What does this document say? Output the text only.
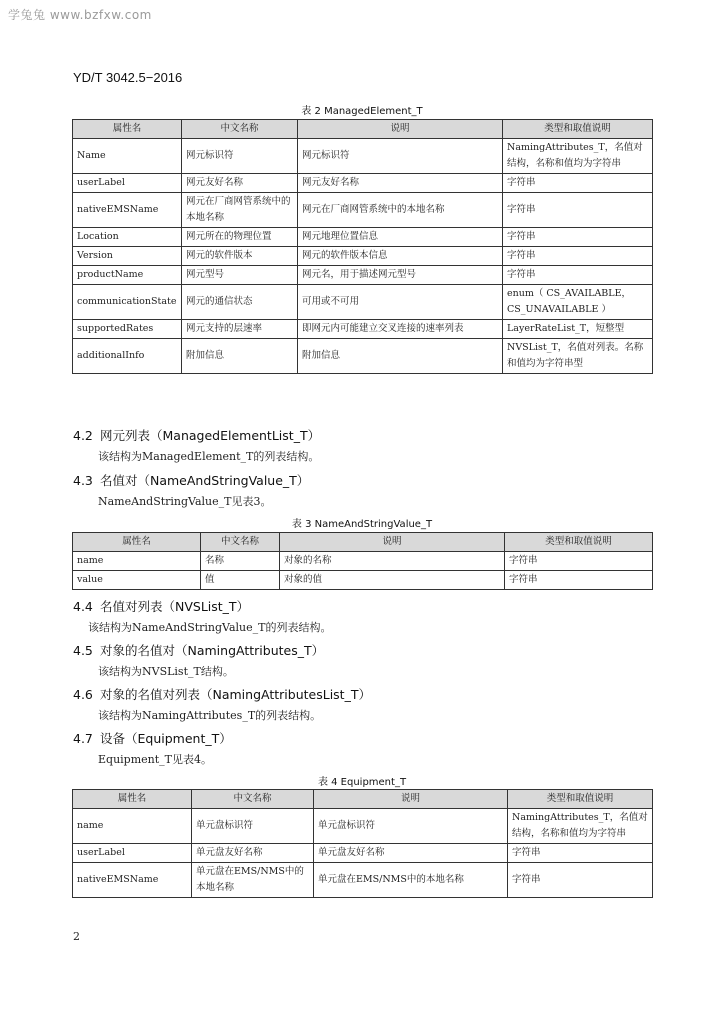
学兔兔 www.bzfxw.com
YD/T 3042.5−2016
表 2 ManagedElement_T
属性名	中文名称	说明	类型和取值说明
Name	网元标识符	网元标识符	NamingAttributes_T，名值对结构，名称和值均为字符串
userLabel	网元友好名称	网元友好名称	字符串
nativeEMSName	网元在厂商网管系统中的本地名称	网元在厂商网管系统中的本地名称	字符串
Location	网元所在的物理位置	网元地理位置信息	字符串
Version	网元的软件版本	网元的软件版本信息	字符串
productName	网元型号	网元名，用于描述网元型号	字符串
communicationState	网元的通信状态	可用或不可用	enum（ CS_AVAILABLE， CS_UNAVAILABLE ）
supportedRates	网元支持的层速率	即网元内可能建立交叉连接的速率列表	LayerRateList_T，短整型
additionalInfo	附加信息	附加信息	NVSList_T，名值对列表。名称和值均为字符串型
4.2 网元列表（ManagedElementList_T）
该结构为ManagedElement_T的列表结构。
4.3 名值对（NameAndStringValue_T）
NameAndStringValue_T见表3。
表 3 NameAndStringValue_T
属性名	中文名称	说明	类型和取值说明
name	名称	对象的名称	字符串
value	值	对象的值	字符串
4.4 名值对列表（NVSList_T）
该结构为NameAndStringValue_T的列表结构。
4.5 对象的名值对（NamingAttributes_T）
该结构为NVSList_T结构。
4.6 对象的名值对列表（NamingAttributesList_T）
该结构为NamingAttributes_T的列表结构。
4.7 设备（Equipment_T）
Equipment_T见表4。
表 4 Equipment_T
属性名	中文名称	说明	类型和取值说明
name	单元盘标识符	单元盘标识符	NamingAttributes_T，名值对结构，名称和值均为字符串
userLabel	单元盘友好名称	单元盘友好名称	字符串
nativeEMSName	单元盘在EMS/NMS中的本地名称	单元盘在EMS/NMS中的本地名称	字符串
2
